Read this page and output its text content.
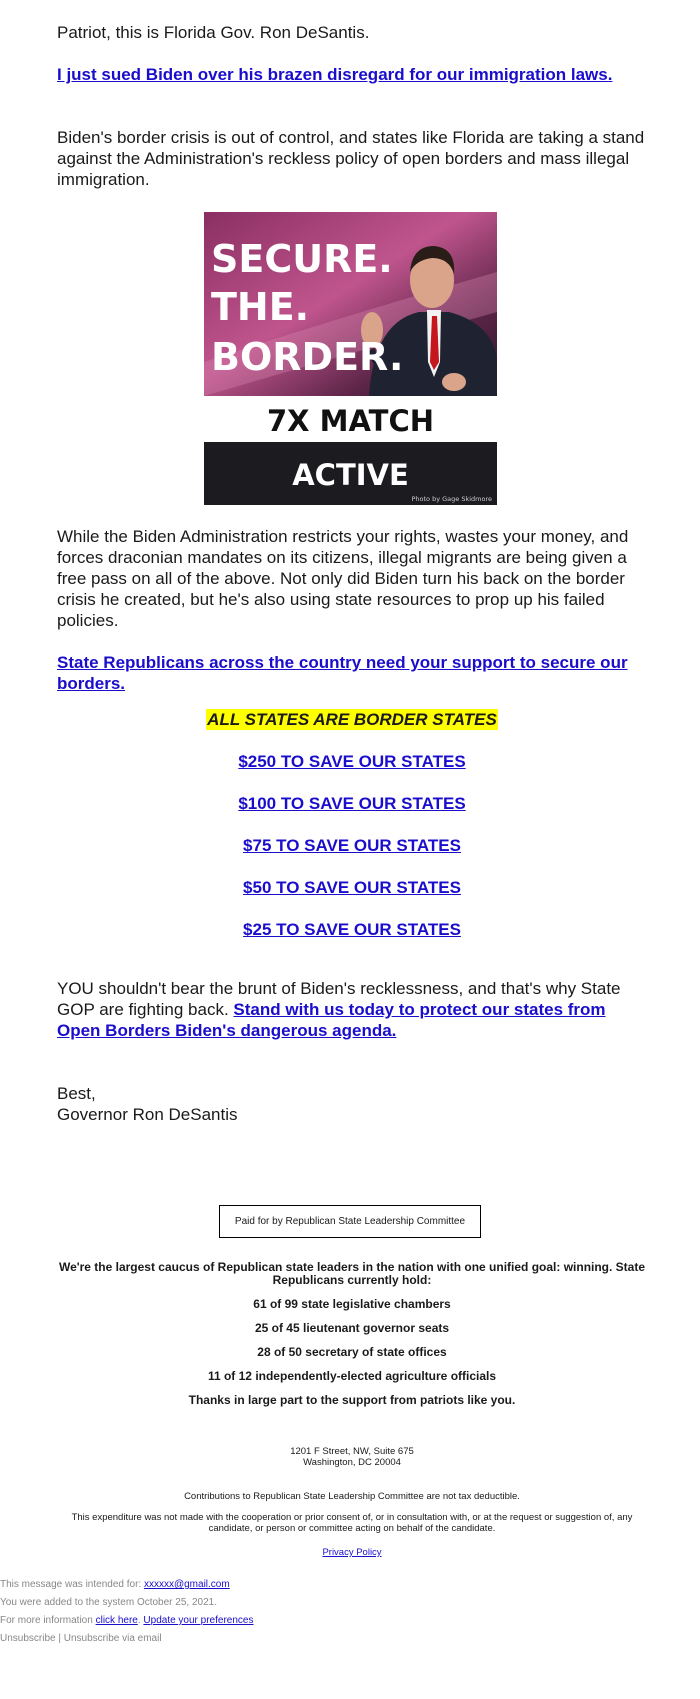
Patriot, this is Florida Gov. Ron DeSantis.

I just sued Biden over his brazen disregard for our immigration laws.

Biden's border crisis is out of control, and states like Florida are taking a stand against the Administration's reckless policy of open borders and mass illegal immigration.

SECURE.
THE.
BORDER.
7X MATCH
ACTIVE
Photo by Gage Skidmore

While the Biden Administration restricts your rights, wastes your money, and forces draconian mandates on its citizens, illegal migrants are being given a free pass on all of the above. Not only did Biden turn his back on the border crisis he created, but he's also using state resources to prop up his failed policies.

State Republicans across the country need your support to secure our borders.

ALL STATES ARE BORDER STATES
$250 TO SAVE OUR STATES
$100 TO SAVE OUR STATES
$75 TO SAVE OUR STATES
$50 TO SAVE OUR STATES
$25 TO SAVE OUR STATES

YOU shouldn't bear the brunt of Biden's recklessness, and that's why State GOP are fighting back. Stand with us today to protect our states from Open Borders Biden's dangerous agenda.

Best,

Governor Ron DeSantis

Paid for by Republican State Leadership Committee
We're the largest caucus of Republican state leaders in the nation with one unified goal: winning. State Republicans currently hold:
61 of 99 state legislative chambers
25 of 45 lieutenant governor seats
28 of 50 secretary of state offices
11 of 12 independently-elected agriculture officials
Thanks in large part to the support from patriots like you.
1201 F Street, NW, Suite 675
Washington, DC 20004
Contributions to Republican State Leadership Committee are not tax deductible.
This expenditure was not made with the cooperation or prior consent of, or in consultation with, or at the request or suggestion of, any candidate, or person or committee acting on behalf of the candidate.
Privacy Policy
This message was intended for: xxxxxx@gmail.com
You were added to the system October 25, 2021.
For more information click here. Update your preferences
Unsubscribe | Unsubscribe via email
